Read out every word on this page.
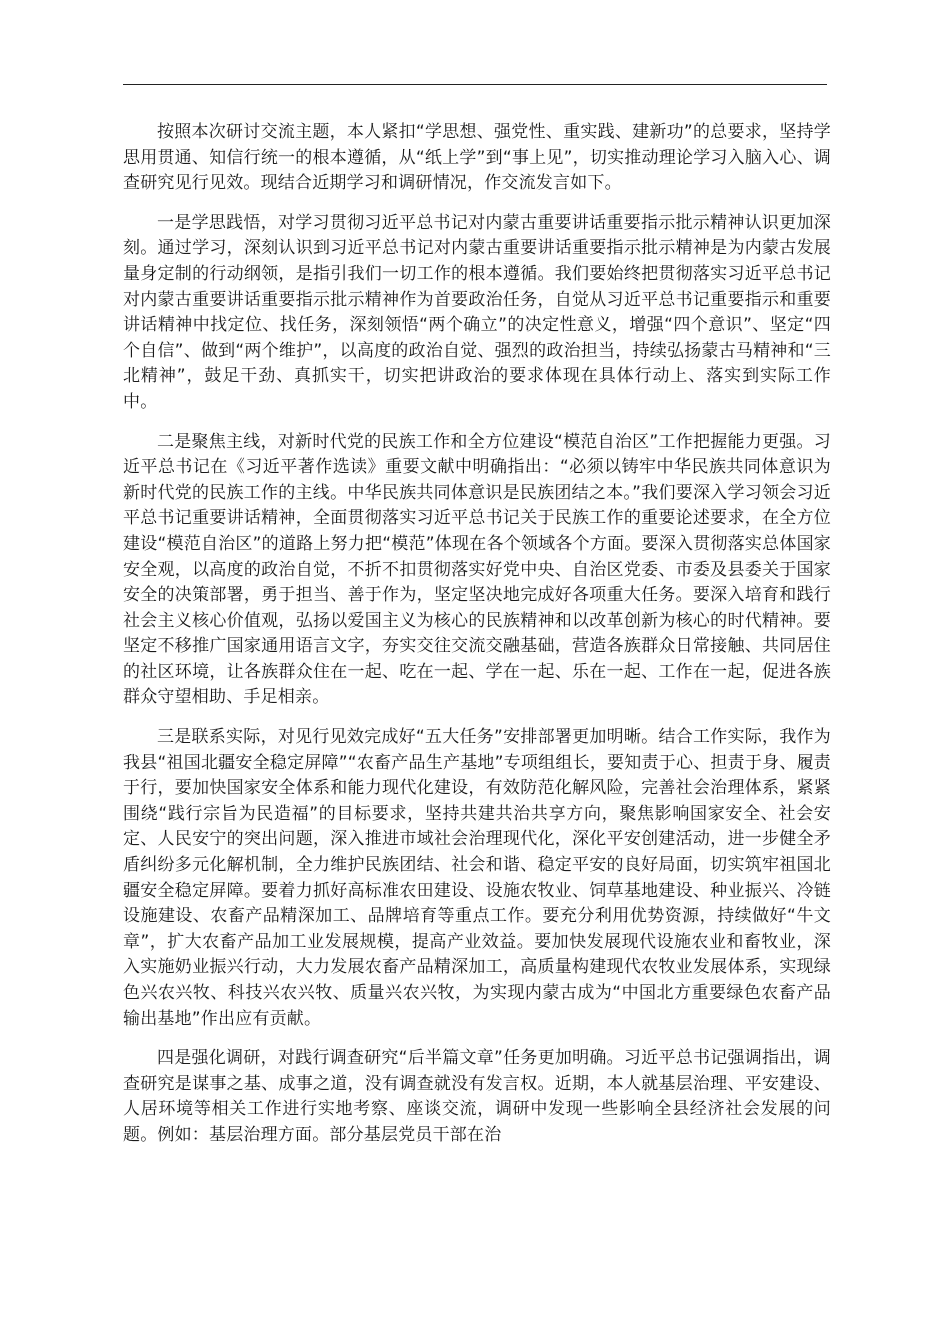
按照本次研讨交流主题，本人紧扣“学思想、强党性、重实践、建新功”的总要求，坚持学思用贯通、知信行统一的根本遵循，从“纸上学”到“事上见”，切实推动理论学习入脑入心、调查研究见行见效。现结合近期学习和调研情况，作交流发言如下。

一是学思践悟，对学习贯彻习近平总书记对内蒙古重要讲话重要指示批示精神认识更加深刻。通过学习，深刻认识到习近平总书记对内蒙古重要讲话重要指示批示精神是为内蒙古发展量身定制的行动纲领，是指引我们一切工作的根本遵循。我们要始终把贯彻落实习近平总书记对内蒙古重要讲话重要指示批示精神作为首要政治任务，自觉从习近平总书记重要指示和重要讲话精神中找定位、找任务，深刻领悟“两个确立”的决定性意义，增强“四个意识”、坚定“四个自信”、做到“两个维护”，以高度的政治自觉、强烈的政治担当，持续弘扬蒙古马精神和“三北精神”，鼓足干劲、真抓实干，切实把讲政治的要求体现在具体行动上、落实到实际工作中。

二是聚焦主线，对新时代党的民族工作和全方位建设“模范自治区”工作把握能力更强。习近平总书记在《习近平著作选读》重要文献中明确指出：“必须以铸牢中华民族共同体意识为新时代党的民族工作的主线。中华民族共同体意识是民族团结之本。”我们要深入学习领会习近平总书记重要讲话精神，全面贯彻落实习近平总书记关于民族工作的重要论述要求，在全方位建设“模范自治区”的道路上努力把“模范”体现在各个领域各个方面。要深入贯彻落实总体国家安全观，以高度的政治自觉，不折不扣贯彻落实好党中央、自治区党委、市委及县委关于国家安全的决策部署，勇于担当、善于作为，坚定坚决地完成好各项重大任务。要深入培育和践行社会主义核心价值观，弘扬以爱国主义为核心的民族精神和以改革创新为核心的时代精神。要坚定不移推广国家通用语言文字，夯实交往交流交融基础，营造各族群众日常接触、共同居住的社区环境，让各族群众住在一起、吃在一起、学在一起、乐在一起、工作在一起，促进各族群众守望相助、手足相亲。

三是联系实际，对见行见效完成好“五大任务”安排部署更加明晰。结合工作实际，我作为我县“祖国北疆安全稳定屏障”“农畜产品生产基地”专项组组长，要知责于心、担责于身、履责于行，要加快国家安全体系和能力现代化建设，有效防范化解风险，完善社会治理体系，紧紧围绕“践行宗旨为民造福”的目标要求，坚持共建共治共享方向，聚焦影响国家安全、社会安定、人民安宁的突出问题，深入推进市域社会治理现代化，深化平安创建活动，进一步健全矛盾纠纷多元化解机制，全力维护民族团结、社会和谐、稳定平安的良好局面，切实筑牢祖国北疆安全稳定屏障。要着力抓好高标准农田建设、设施农牧业、饲草基地建设、种业振兴、冷链设施建设、农畜产品精深加工、品牌培育等重点工作。要充分利用优势资源，持续做好“牛文章”，扩大农畜产品加工业发展规模，提高产业效益。要加快发展现代设施农业和畜牧业，深入实施奶业振兴行动，大力发展农畜产品精深加工，高质量构建现代农牧业发展体系，实现绿色兴农兴牧、科技兴农兴牧、质量兴农兴牧，为实现内蒙古成为“中国北方重要绿色农畜产品输出基地”作出应有贡献。

四是强化调研，对践行调查研究“后半篇文章”任务更加明确。习近平总书记强调指出，调查研究是谋事之基、成事之道，没有调查就没有发言权。近期，本人就基层治理、平安建设、人居环境等相关工作进行实地考察、座谈交流，调研中发现一些影响全县经济社会发展的问题。例如：基层治理方面。部分基层党员干部在治
